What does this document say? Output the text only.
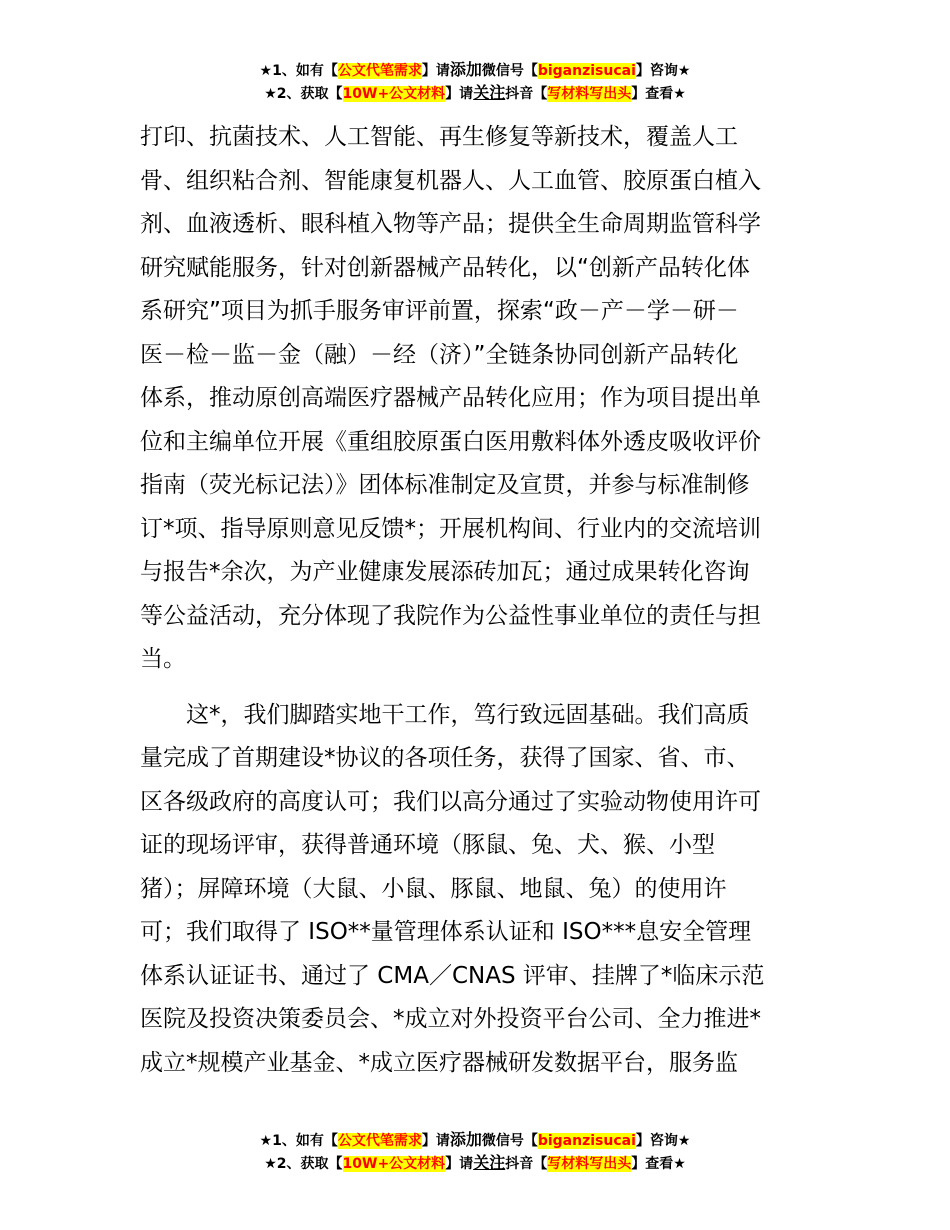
★1、如有【公文代笔需求】请添加微信号【biganzisucai】咨询★
★2、获取【10W+公文材料】请关注抖音【写材料写出头】查看★
打印、抗菌技术、人工智能、再生修复等新技术，覆盖人工
骨、组织粘合剂、智能康复机器人、人工血管、胶原蛋白植入
剂、血液透析、眼科植入物等产品；提供全生命周期监管科学
研究赋能服务，针对创新器械产品转化，以“创新产品转化体
系研究”项目为抓手服务审评前置，探索“政－产－学－研－
医－检－监－金（融）－经（济）”全链条协同创新产品转化
体系，推动原创高端医疗器械产品转化应用；作为项目提出单
位和主编单位开展《重组胶原蛋白医用敷料体外透皮吸收评价
指南（荧光标记法）》团体标准制定及宣贯，并参与标准制修
订*项、指导原则意见反馈*；开展机构间、行业内的交流培训
与报告*余次，为产业健康发展添砖加瓦；通过成果转化咨询
等公益活动，充分体现了我院作为公益性事业单位的责任与担
当。
　　这*，我们脚踏实地干工作，笃行致远固基础。我们高质
量完成了首期建设*协议的各项任务，获得了国家、省、市、
区各级政府的高度认可；我们以高分通过了实验动物使用许可
证的现场评审，获得普通环境（豚鼠、兔、犬、猴、小型
猪）；屏障环境（大鼠、小鼠、豚鼠、地鼠、兔）的使用许
可；我们取得了 ISO**量管理体系认证和 ISO***息安全管理
体系认证证书、通过了 CMA／CNAS 评审、挂牌了*临床示范
医院及投资决策委员会、*成立对外投资平台公司、全力推进*
成立*规模产业基金、*成立医疗器械研发数据平台，服务监
★1、如有【公文代笔需求】请添加微信号【biganzisucai】咨询★
★2、获取【10W+公文材料】请关注抖音【写材料写出头】查看★
